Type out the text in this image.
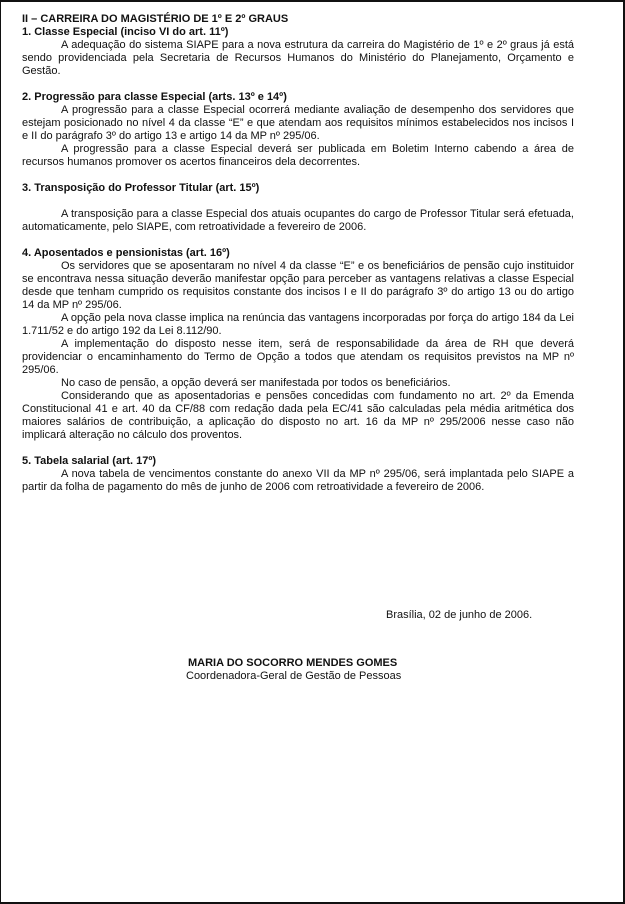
II – CARREIRA DO MAGISTÉRIO DE 1º E 2º GRAUS
1. Classe Especial (inciso VI do art. 11º)

A adequação do sistema SIAPE para a nova estrutura da carreira do Magistério de 1º e 2º graus já está sendo providenciada pela Secretaria de Recursos Humanos do Ministério do Planejamento, Orçamento e Gestão.

2. Progressão para classe Especial (arts. 13º e 14º)

A progressão para a classe Especial ocorrerá mediante avaliação de desempenho dos servidores que estejam posicionado no nível 4 da classe “E” e que atendam aos requisitos mínimos estabelecidos nos incisos I e II do parágrafo 3º do artigo 13 e artigo 14 da MP nº 295/06.

A progressão para a classe Especial deverá ser publicada em Boletim Interno cabendo a área de recursos humanos promover os acertos financeiros dela decorrentes.

3. Transposição do Professor Titular (art. 15º)

A transposição para a classe Especial dos atuais ocupantes do cargo de Professor Titular será efetuada, automaticamente, pelo SIAPE, com retroatividade a fevereiro de 2006.

4. Aposentados e pensionistas (art. 16º)

Os servidores que se aposentaram no nível 4 da classe “E” e os beneficiários de pensão cujo instituidor se encontrava nessa situação deverão manifestar opção para perceber as vantagens relativas a classe Especial desde que tenham cumprido os requisitos constante dos incisos I e II do parágrafo 3º do artigo 13 ou do artigo 14 da MP nº 295/06.

A opção pela nova classe implica na renúncia das vantagens incorporadas por força do artigo 184 da Lei 1.711/52 e do artigo 192 da Lei 8.112/90.

A implementação do disposto nesse item, será de responsabilidade da área de RH que deverá providenciar o encaminhamento do Termo de Opção a todos que atendam os requisitos previstos na MP nº 295/06.

No caso de pensão, a opção deverá ser manifestada por todos os beneficiários.

Considerando que as aposentadorias e pensões concedidas com fundamento no art. 2º da Emenda Constitucional 41 e art. 40 da CF/88 com redação dada pela EC/41 são calculadas pela média aritmética dos maiores salários de contribuição, a aplicação do disposto no art. 16 da MP nº 295/2006 nesse caso não implicará alteração no cálculo dos proventos.

5. Tabela salarial (art. 17º)

A nova tabela de vencimentos constante do anexo VII da MP nº 295/06, será implantada pelo SIAPE a partir da folha de pagamento do mês de junho de 2006 com retroatividade a fevereiro de 2006.

Brasília, 02 de junho de 2006.
MARIA DO SOCORRO MENDES GOMES
Coordenadora-Geral de Gestão de Pessoas
